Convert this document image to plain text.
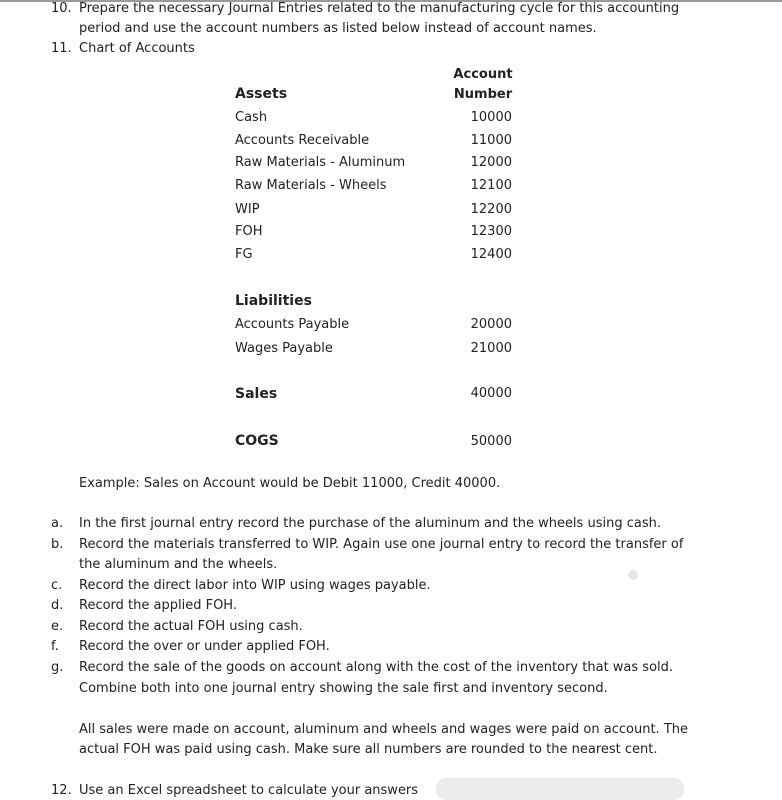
10. Prepare the necessary Journal Entries related to the manufacturing cycle for this accounting
period and use the account numbers as listed below instead of account names.
11. Chart of Accounts
Account
Number
Assets
Cash	10000
Accounts Receivable	11000
Raw Materials - Aluminum	12000
Raw Materials - Wheels	12100
WIP	12200
FOH	12300
FG	12400
Liabilities
Accounts Payable	20000
Wages Payable	21000
Sales	40000
COGS	50000
Example: Sales on Account would be Debit 11000, Credit 40000.
a. In the first journal entry record the purchase of the aluminum and the wheels using cash.
b. Record the materials transferred to WIP. Again use one journal entry to record the transfer of
the aluminum and the wheels.
c. Record the direct labor into WIP using wages payable.
d. Record the applied FOH.
e. Record the actual FOH using cash.
f. Record the over or under applied FOH.
g. Record the sale of the goods on account along with the cost of the inventory that was sold.
Combine both into one journal entry showing the sale first and inventory second.
All sales were made on account, aluminum and wheels and wages were paid on account. The
actual FOH was paid using cash. Make sure all numbers are rounded to the nearest cent.
12. Use an Excel spreadsheet to calculate your answers
